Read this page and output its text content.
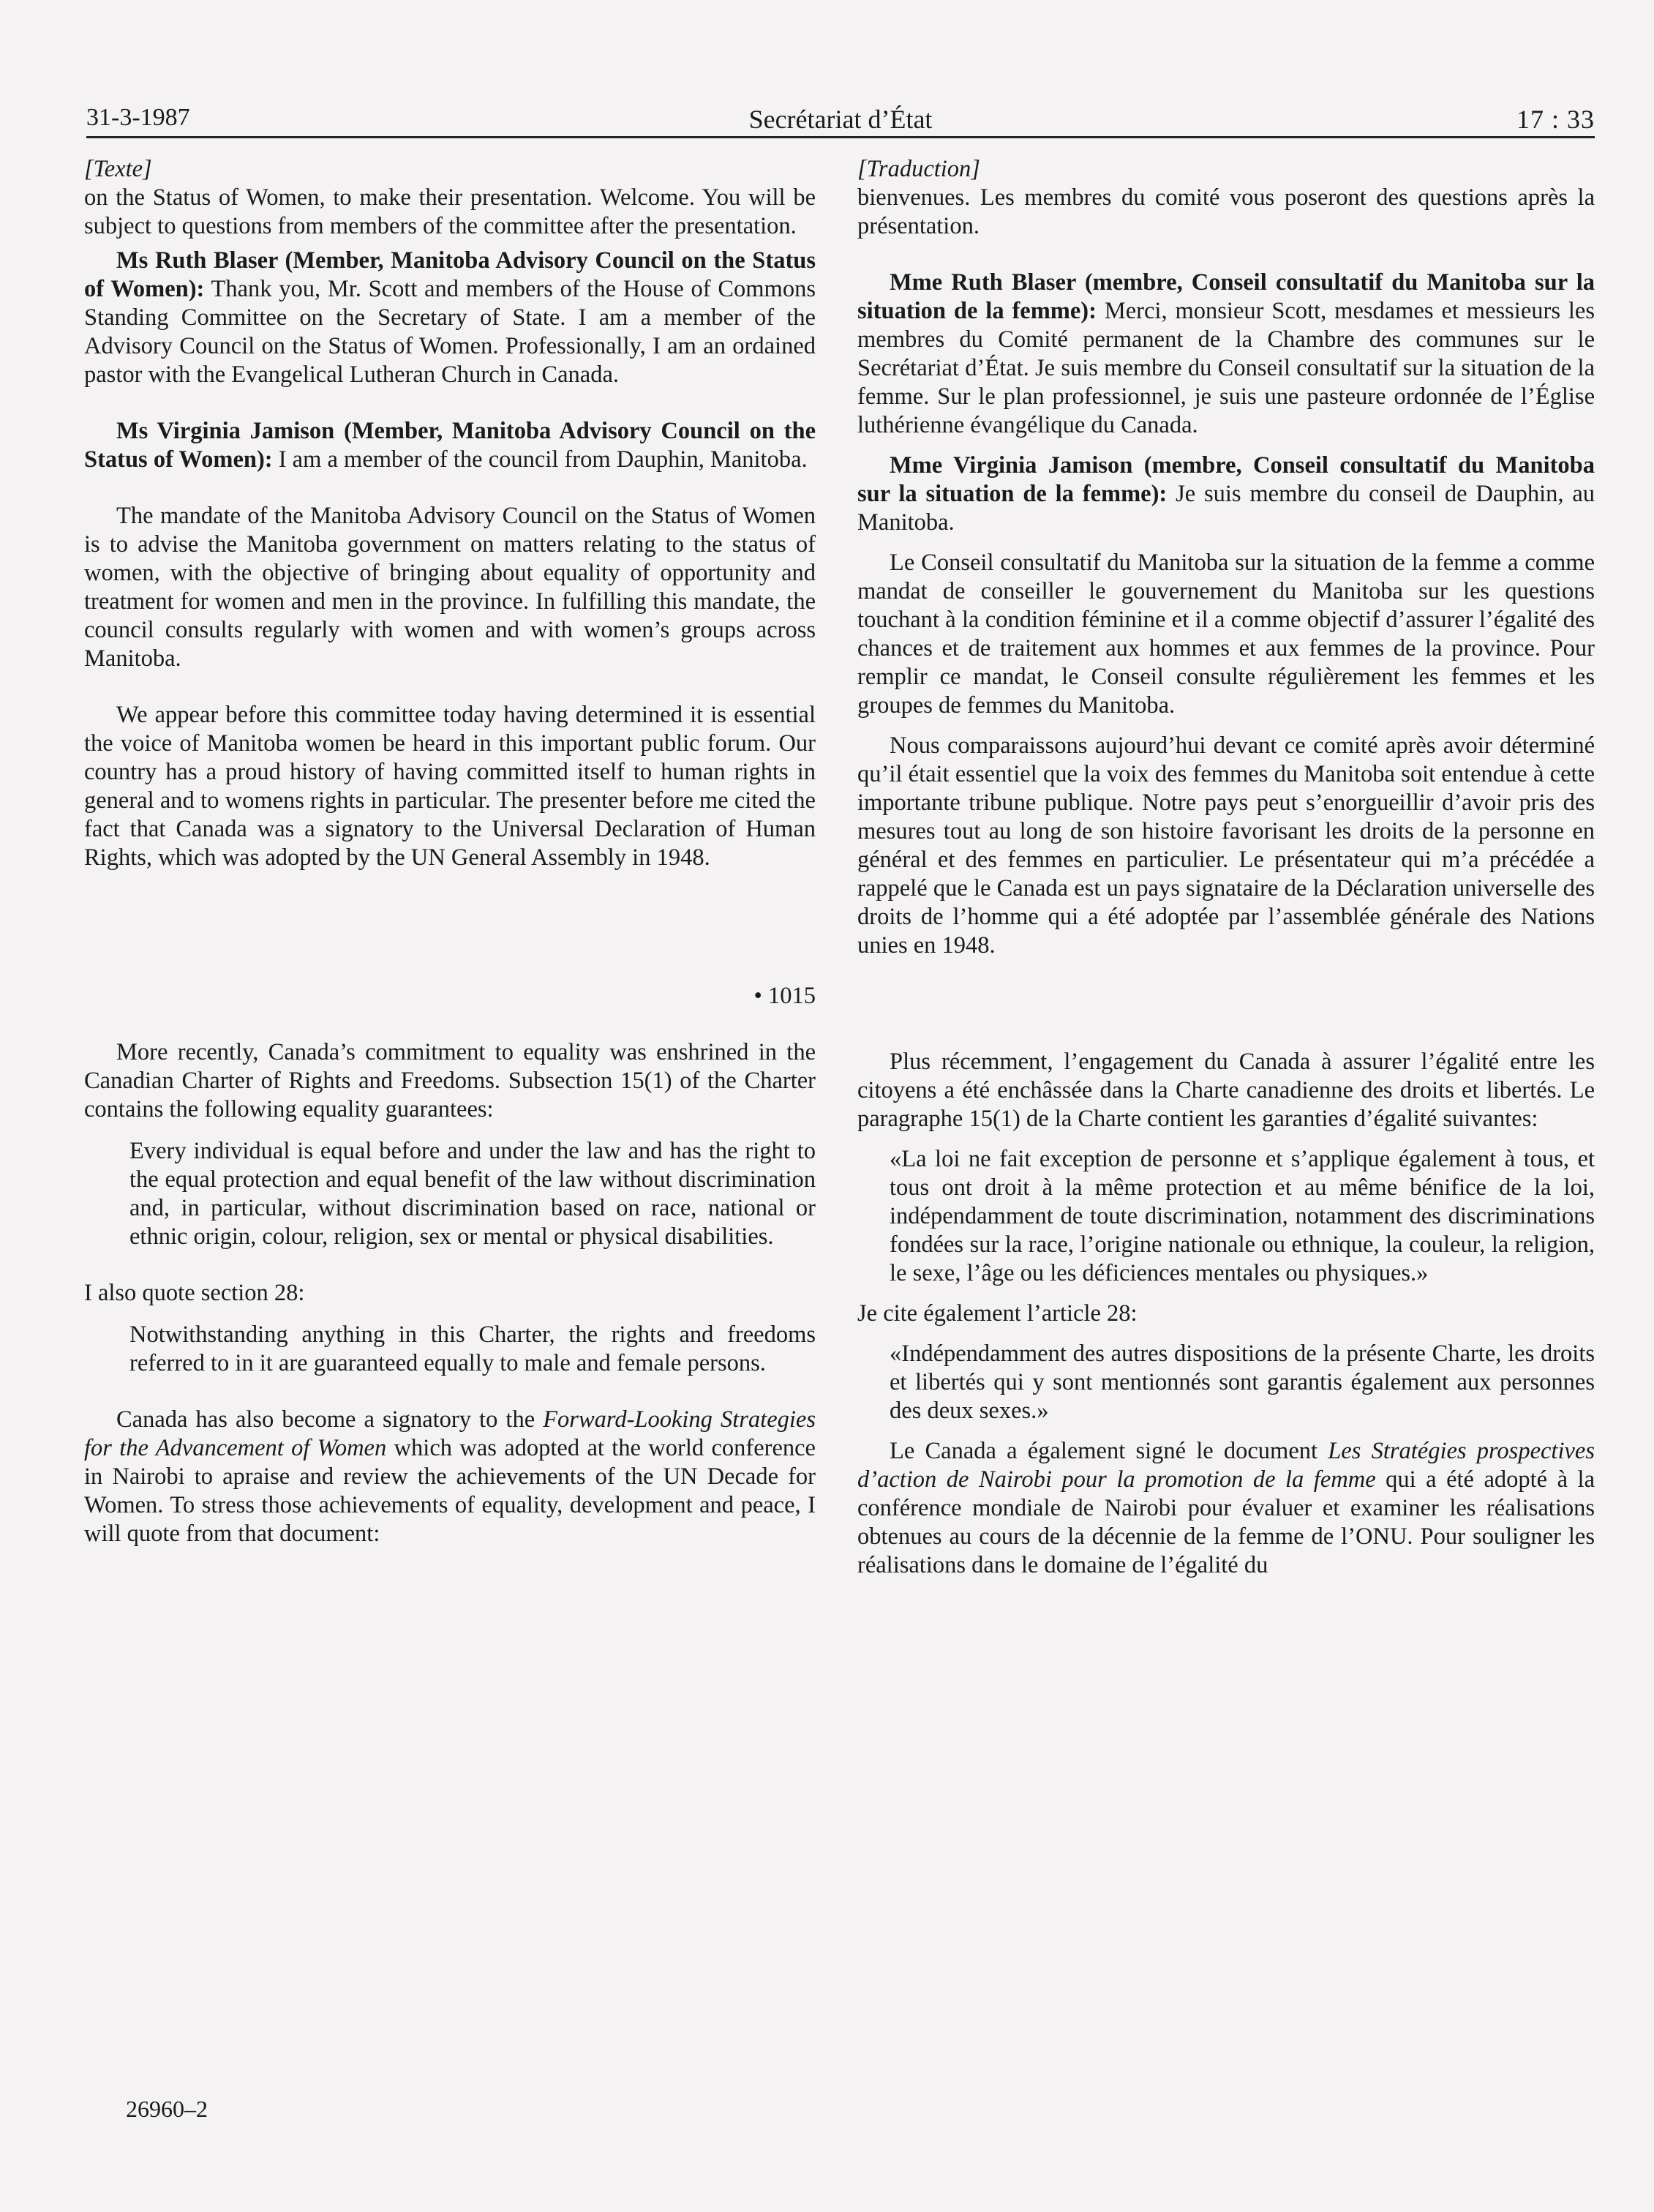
31-3-1987	Secrétariat d’État	17 : 33

[Texte]

on the Status of Women, to make their presentation. Welcome. You will be subject to questions from members of the committee after the presentation.

Ms Ruth Blaser (Member, Manitoba Advisory Council on the Status of Women): Thank you, Mr. Scott and members of the House of Commons Standing Committee on the Secretary of State. I am a member of the Advisory Council on the Status of Women. Professionally, I am an ordained pastor with the Evangelical Lutheran Church in Canada.

Ms Virginia Jamison (Member, Manitoba Advisory Council on the Status of Women): I am a member of the council from Dauphin, Manitoba.

The mandate of the Manitoba Advisory Council on the Status of Women is to advise the Manitoba government on matters relating to the status of women, with the objective of bringing about equality of opportunity and treatment for women and men in the province. In fulfilling this mandate, the council consults regularly with women and with women’s groups across Manitoba.

We appear before this committee today having determined it is essential the voice of Manitoba women be heard in this important public forum. Our country has a proud history of having committed itself to human rights in general and to womens rights in particular. The presenter before me cited the fact that Canada was a signatory to the Universal Declaration of Human Rights, which was adopted by the UN General Assembly in 1948.

• 1015

More recently, Canada’s commitment to equality was enshrined in the Canadian Charter of Rights and Freedoms. Subsection 15(1) of the Charter contains the following equality guarantees:

Every individual is equal before and under the law and has the right to the equal protection and equal benefit of the law without discrimination and, in particular, without discrimination based on race, national or ethnic origin, colour, religion, sex or mental or physical disabilities.

I also quote section 28:

Notwithstanding anything in this Charter, the rights and freedoms referred to in it are guaranteed equally to male and female persons.

Canada has also become a signatory to the Forward-Looking Strategies for the Advancement of Women which was adopted at the world conference in Nairobi to apraise and review the achievements of the UN Decade for Women. To stress those achievements of equality, development and peace, I will quote from that document:

[Traduction]

bienvenues. Les membres du comité vous poseront des questions après la présentation.

Mme Ruth Blaser (membre, Conseil consultatif du Manitoba sur la situation de la femme): Merci, monsieur Scott, mesdames et messieurs les membres du Comité permanent de la Chambre des communes sur le Secrétariat d’État. Je suis membre du Conseil consultatif sur la situation de la femme. Sur le plan professionnel, je suis une pasteure ordonnée de l’Église luthérienne évangélique du Canada.

Mme Virginia Jamison (membre, Conseil consultatif du Manitoba sur la situation de la femme): Je suis membre du conseil de Dauphin, au Manitoba.

Le Conseil consultatif du Manitoba sur la situation de la femme a comme mandat de conseiller le gouvernement du Manitoba sur les questions touchant à la condition féminine et il a comme objectif d’assurer l’égalité des chances et de traitement aux hommes et aux femmes de la province. Pour remplir ce mandat, le Conseil consulte régulièrement les femmes et les groupes de femmes du Manitoba.

Nous comparaissons aujourd’hui devant ce comité après avoir déterminé qu’il était essentiel que la voix des femmes du Manitoba soit entendue à cette importante tribune publique. Notre pays peut s’enorgueillir d’avoir pris des mesures tout au long de son histoire favorisant les droits de la personne en général et des femmes en particulier. Le présentateur qui m’a précédée a rappelé que le Canada est un pays signataire de la Déclaration universelle des droits de l’homme qui a été adoptée par l’assemblée générale des Nations unies en 1948.

Plus récemment, l’engagement du Canada à assurer l’égalité entre les citoyens a été enchâssée dans la Charte canadienne des droits et libertés. Le paragraphe 15(1) de la Charte contient les garanties d’égalité suivantes:

«La loi ne fait exception de personne et s’applique également à tous, et tous ont droit à la même protection et au même bénifice de la loi, indépendamment de toute discrimination, notamment des discriminations fondées sur la race, l’origine nationale ou ethnique, la couleur, la religion, le sexe, l’âge ou les déficiences mentales ou physiques.»

Je cite également l’article 28:

«Indépendamment des autres dispositions de la présente Charte, les droits et libertés qui y sont mentionnés sont garantis également aux personnes des deux sexes.»

Le Canada a également signé le document Les Stratégies prospectives d’action de Nairobi pour la promotion de la femme qui a été adopté à la conférence mondiale de Nairobi pour évaluer et examiner les réalisations obtenues au cours de la décennie de la femme de l’ONU. Pour souligner les réalisations dans le domaine de l’égalité du

26960–2
